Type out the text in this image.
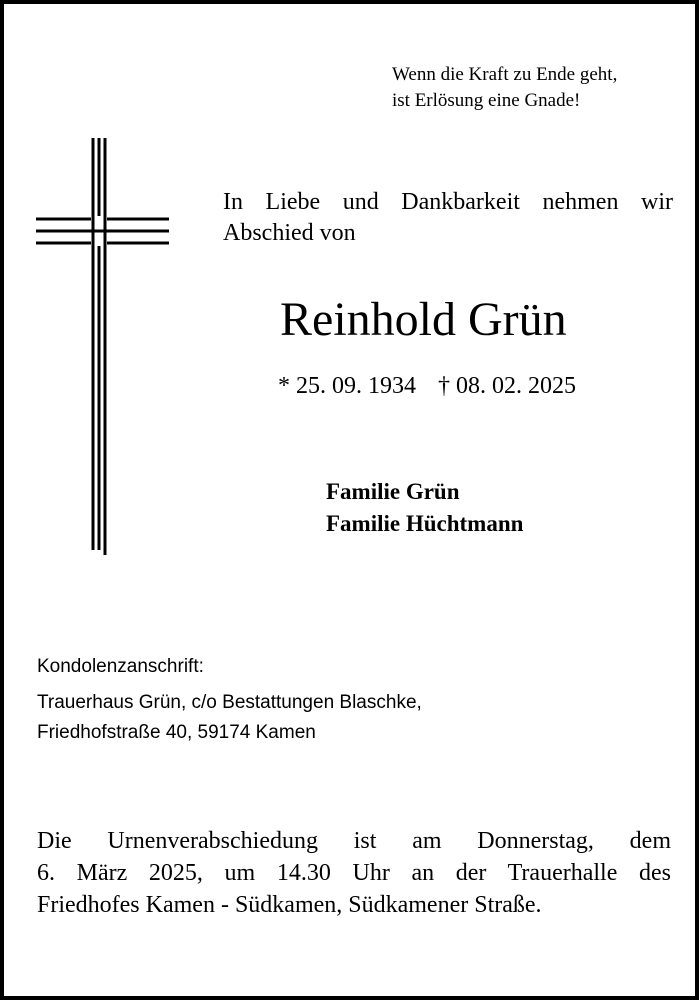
Wenn die Kraft zu Ende geht,
ist Erlösung eine Gnade!
In Liebe und Dankbarkeit nehmen wir
Abschied von
Reinhold Grün
* 25. 09. 1934 † 08. 02. 2025
Familie Grün
Familie Hüchtmann
Kondolenzanschrift:
Trauerhaus Grün, c/o Bestattungen Blaschke,
Friedhofstraße 40, 59174 Kamen
Die Urnenverabschiedung ist am Donnerstag, dem
6. März 2025, um 14.30 Uhr an der Trauerhalle des
Friedhofes Kamen - Südkamen, Südkamener Straße.
